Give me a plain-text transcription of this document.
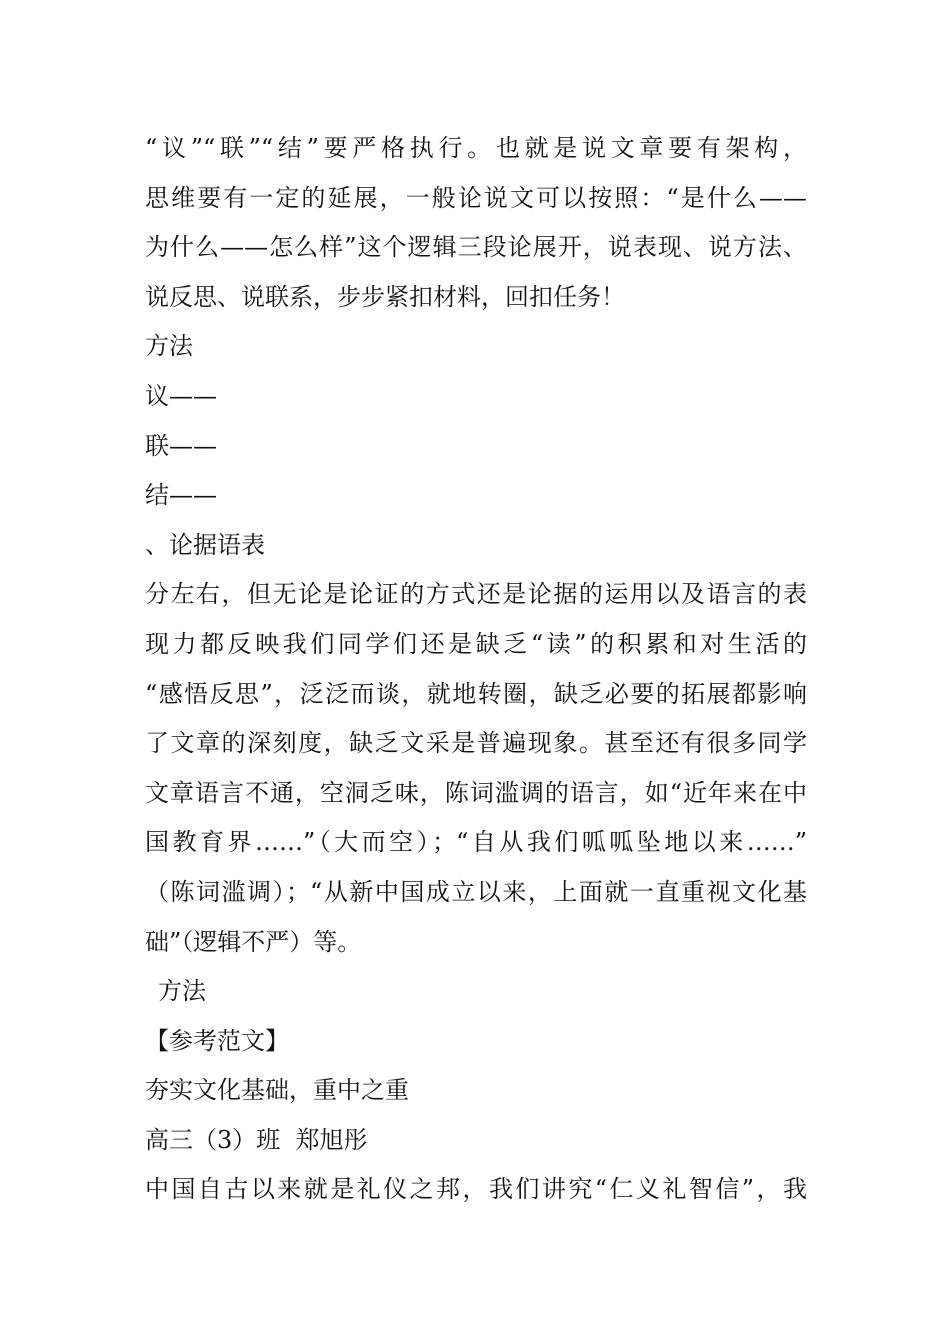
“议”“联”“结”要严格执行。也就是说文章要有架构，
思维要有一定的延展，一般论说文可以按照：“是什么——
为什么——怎么样”这个逻辑三段论展开，说表现、说方法、
说反思、说联系，步步紧扣材料，回扣任务！
方法
议——
联——
结——
、论据语表
分左右，但无论是论证的方式还是论据的运用以及语言的表
现力都反映我们同学们还是缺乏“读”的积累和对生活的
“感悟反思”，泛泛而谈，就地转圈，缺乏必要的拓展都影响
了文章的深刻度，缺乏文采是普遍现象。甚至还有很多同学
文章语言不通，空洞乏味，陈词滥调的语言，如“近年来在中
国教育界……”（大而空）；“自从我们呱呱坠地以来……”
（陈词滥调）；“从新中国成立以来，上面就一直重视文化基
础”（逻辑不严）等。
方法
【参考范文】
夯实文化基础，重中之重
高三（3）班  郑旭彤
中国自古以来就是礼仪之邦，我们讲究“仁义礼智信”，我
